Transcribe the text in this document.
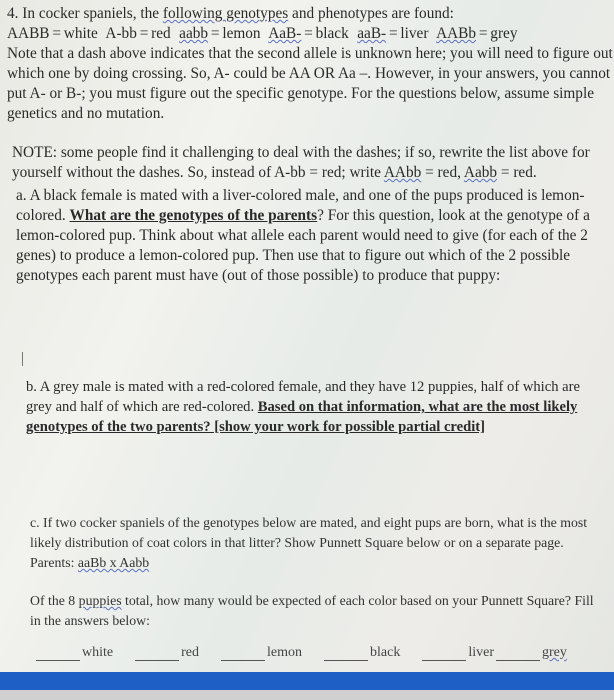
4. In cocker spaniels, the following genotypes and phenotypes are found:

AABB = white A-bb = red aabb = lemon AaB- = black aaB- = liver AABb = grey

Note that a dash above indicates that the second allele is unknown here; you will need to figure out which one by doing crossing. So, A- could be AA OR Aa –. However, in your answers, you cannot put A- or B-; you must figure out the specific genotype. For the questions below, assume simple genetics and no mutation.

NOTE: some people find it challenging to deal with the dashes; if so, rewrite the list above for yourself without the dashes. So, instead of A-bb = red; write AAbb = red, Aabb = red.

a. A black female is mated with a liver-colored male, and one of the pups produced is lemon-colored. What are the genotypes of the parents? For this question, look at the genotype of a lemon-colored pup. Think about what allele each parent would need to give (for each of the 2 genes) to produce a lemon-colored pup. Then use that to figure out which of the 2 possible genotypes each parent must have (out of those possible) to produce that puppy:
b. A grey male is mated with a red-colored female, and they have 12 puppies, half of which are grey and half of which are red-colored. Based on that information, what are the most likely genotypes of the two parents? [show your work for possible partial credit]

c. If two cocker spaniels of the genotypes below are mated, and eight pups are born, what is the most likely distribution of coat colors in that litter? Show Punnett Square below or on a separate page.

Parents: aaBb x Aabb

Of the 8 puppies total, how many would be expected of each color based on your Punnett Square? Fill in the answers below:

white	red	lemon	black	liver	grey
